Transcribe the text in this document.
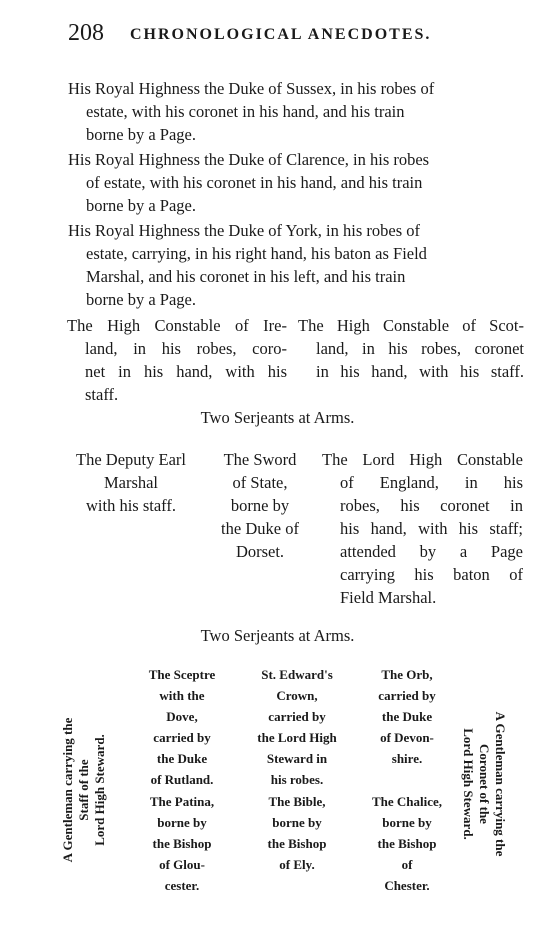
208 CHRONOLOGICAL ANECDOTES.
His Royal Highness the Duke of Sussex, in his robes of
estate, with his coronet in his hand, and his train
borne by a Page.
His Royal Highness the Duke of Clarence, in his robes
of estate, with his coronet in his hand, and his train
borne by a Page.
His Royal Highness the Duke of York, in his robes of
estate, carrying, in his right hand, his baton as Field
Marshal, and his coronet in his left, and his train
borne by a Page.
The High Constable of Ire-
land, in his robes, coro-
net in his hand, with his
staff.
The High Constable of Scot-
land, in his robes, coronet
in his hand, with his staff.
Two Serjeants at Arms.
The Deputy Earl
Marshal
with his staff.
The Sword
of State,
borne by
the Duke of
Dorset.
The Lord High Constable
of England, in his
robes, his coronet in
his hand, with his staff;
attended by a Page
carrying his baton of
Field Marshal.
Two Serjeants at Arms.
The Sceptre
with the
Dove,
carried by
the Duke
of Rutland.
St. Edward's
Crown,
carried by
the Lord High
Steward in
his robes.
The Orb,
carried by
the Duke
of Devon-
shire.
The Patina,
borne by
the Bishop
of Glou-
cester.
The Bible,
borne by
the Bishop
of Ely.
The Chalice,
borne by
the Bishop
of
Chester.
A Gentleman carrying the Staff of the Lord High Steward.	A Gentleman carrying the
Coronet of the
Lord High Steward.
